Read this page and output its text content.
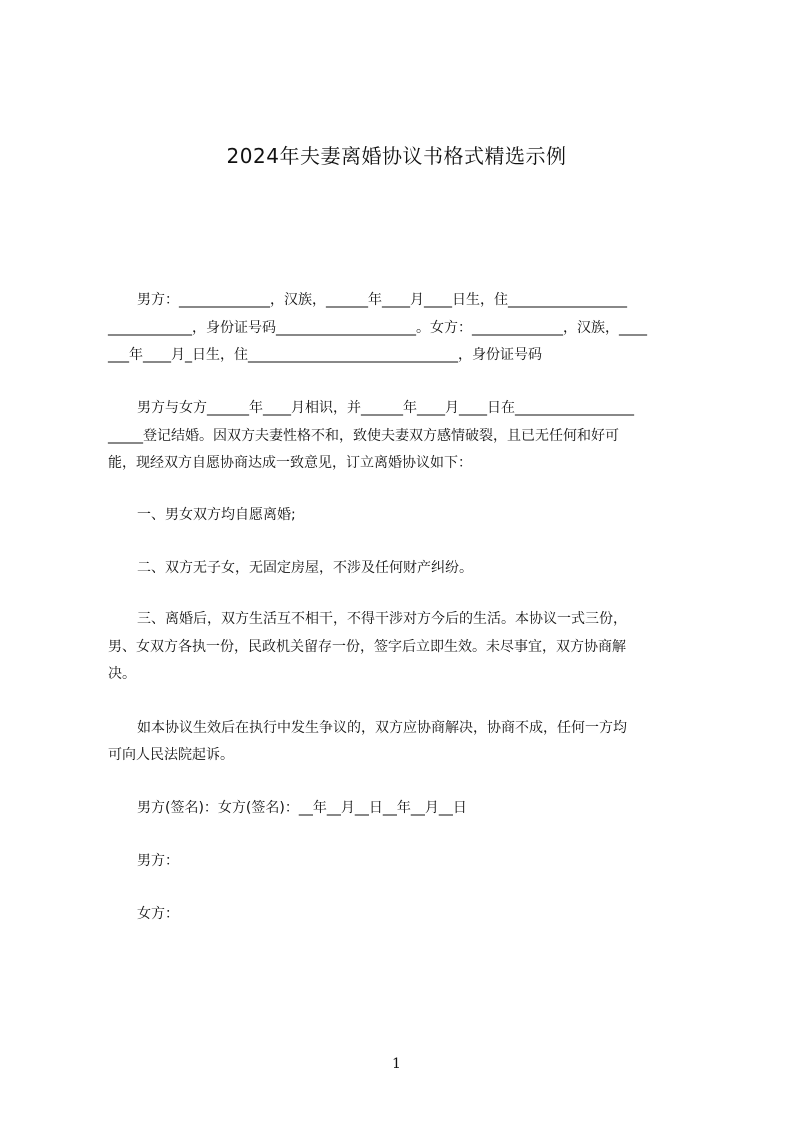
2024年夫妻离婚协议书格式精选示例
男方：_____________，汉族，______年____月____日生，住_________________
____________，身份证号码____________________。女方：_____________，汉族，____
___年____月_日生，住______________________________，身份证号码
男方与女方______年____月相识，并______年____月____日在_________________
_____登记结婚。因双方夫妻性格不和，致使夫妻双方感情破裂，且已无任何和好可
能，现经双方自愿协商达成一致意见，订立离婚协议如下：
一、男女双方均自愿离婚;
二、双方无子女，无固定房屋，不涉及任何财产纠纷。
三、离婚后，双方生活互不相干，不得干涉对方今后的生活。本协议一式三份，
男、女双方各执一份，民政机关留存一份，签字后立即生效。未尽事宜，双方协商解
决。
如本协议生效后在执行中发生争议的，双方应协商解决，协商不成，任何一方均
可向人民法院起诉。
男方(签名)：女方(签名)：__年__月__日__年__月__日
男方：
女方：
1
